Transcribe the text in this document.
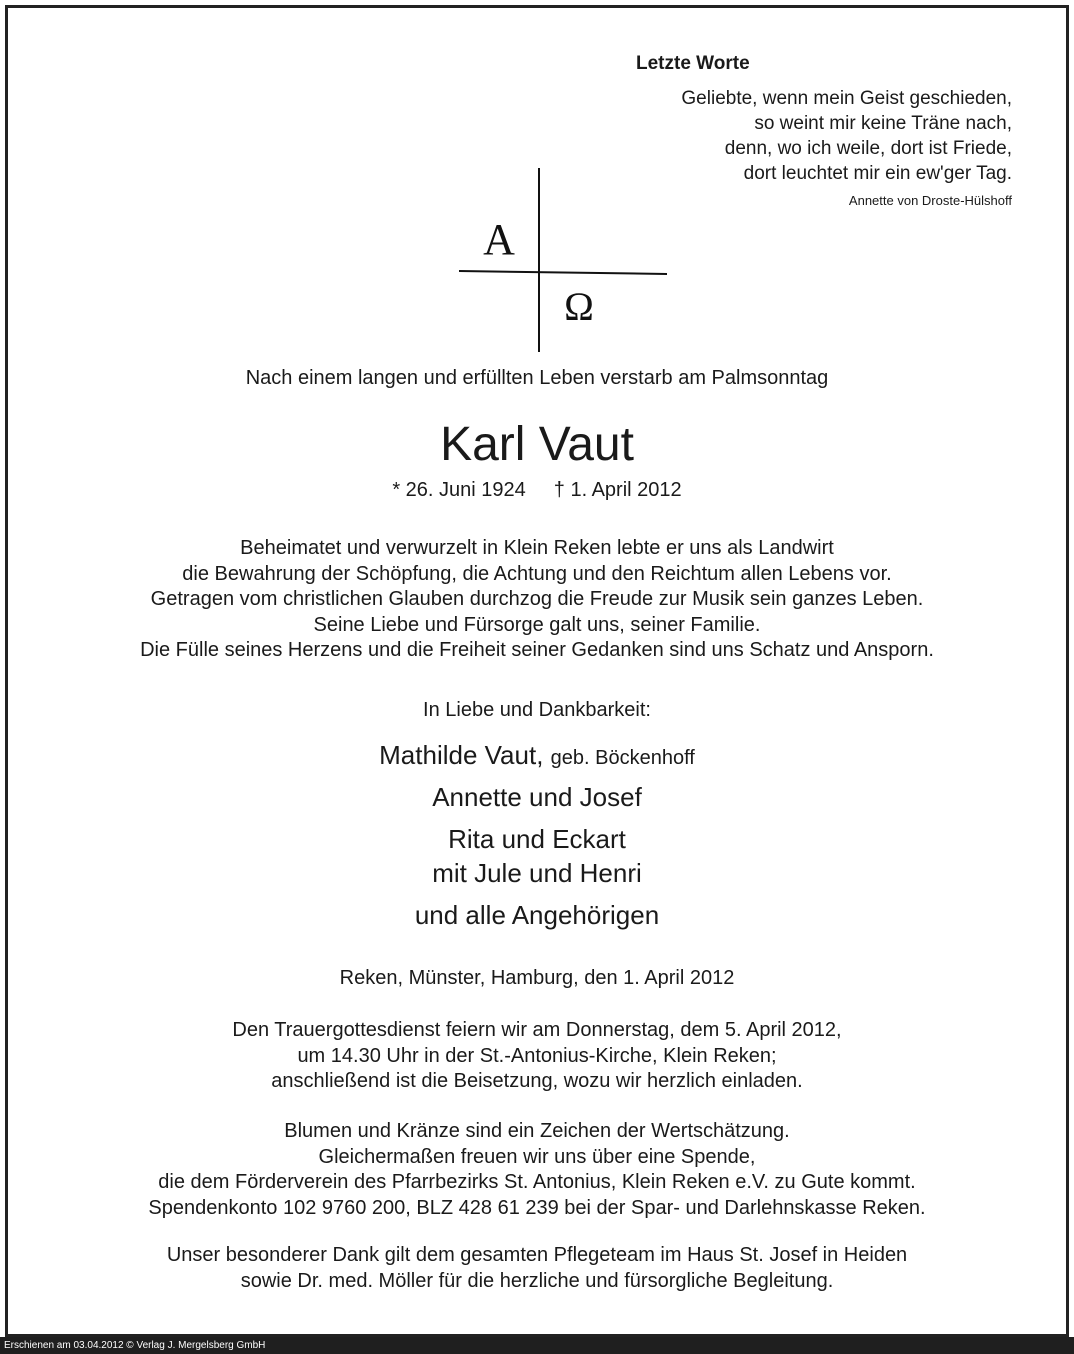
Letzte Worte
Geliebte, wenn mein Geist geschieden,
so weint mir keine Träne nach,
denn, wo ich weile, dort ist Friede,
dort leuchtet mir ein ew'ger Tag.
Annette von Droste-Hülshoff
A
Ω
Nach einem langen und erfüllten Leben verstarb am Palmsonntag
Karl Vaut
* 26. Juni 1924 † 1. April 2012
Beheimatet und verwurzelt in Klein Reken lebte er uns als Landwirt
die Bewahrung der Schöpfung, die Achtung und den Reichtum allen Lebens vor.
Getragen vom christlichen Glauben durchzog die Freude zur Musik sein ganzes Leben.
Seine Liebe und Fürsorge galt uns, seiner Familie.
Die Fülle seines Herzens und die Freiheit seiner Gedanken sind uns Schatz und Ansporn.
In Liebe und Dankbarkeit:
Mathilde Vaut, geb. Böckenhoff
Annette und Josef
Rita und Eckart
mit Jule und Henri
und alle Angehörigen
Reken, Münster, Hamburg, den 1. April 2012
Den Trauergottesdienst feiern wir am Donnerstag, dem 5. April 2012,
um 14.30 Uhr in der St.-Antonius-Kirche, Klein Reken;
anschließend ist die Beisetzung, wozu wir herzlich einladen.
Blumen und Kränze sind ein Zeichen der Wertschätzung.
Gleichermaßen freuen wir uns über eine Spende,
die dem Förderverein des Pfarrbezirks St. Antonius, Klein Reken e.V. zu Gute kommt.
Spendenkonto 102 9760 200, BLZ 428 61 239 bei der Spar- und Darlehnskasse Reken.
Unser besonderer Dank gilt dem gesamten Pflegeteam im Haus St. Josef in Heiden
sowie Dr. med. Möller für die herzliche und fürsorgliche Begleitung.
Erschienen am 03.04.2012 © Verlag J. Mergelsberg GmbH
